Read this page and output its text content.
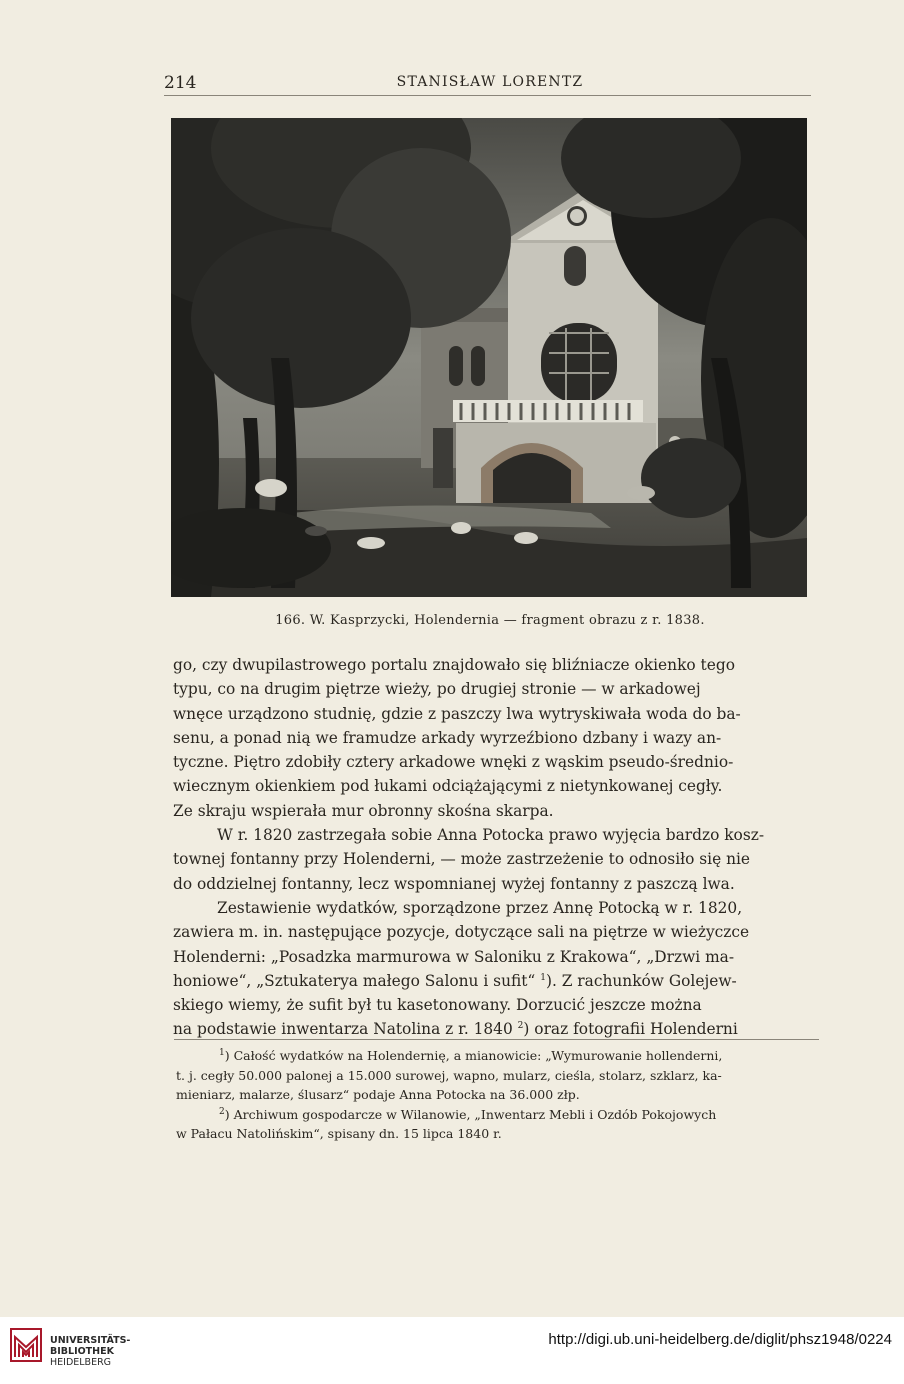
214	STANISŁAW LORENTZ
166. W. Kasprzycki, Holendernia — fragment obrazu z r. 1838.

go, czy dwupilastrowego portalu znajdowało się bliźniacze okienko tego
typu, co na drugim piętrze wieży, po drugiej stronie — w arkadowej
wnęce urządzono studnię, gdzie z paszczy lwa wytryskiwała woda do ba-
senu, a ponad nią we framudze arkady wyrzeźbiono dzbany i wazy an-
tyczne. Piętro zdobiły cztery arkadowe wnęki z wąskim pseudo-średnio-
wiecznym okienkiem pod łukami odciążającymi z nietynkowanej cegły.
Ze skraju wspierała mur obronny skośna skarpa.

W r. 1820 zastrzegała sobie Anna Potocka prawo wyjęcia bardzo kosz-
townej fontanny przy Holenderni, — może zastrzeżenie to odnosiło się nie
do oddzielnej fontanny, lecz wspomnianej wyżej fontanny z paszczą lwa.

Zestawienie wydatków, sporządzone przez Annę Potocką w r. 1820,
zawiera m. in. następujące pozycje, dotyczące sali na piętrze w wieżyczce
Holenderni: „Posadzka marmurowa w Saloniku z Krakowa“, „Drzwi ma-
honiowe“, „Sztukaterya małego Salonu i sufit“ $^1$). Z rachunków Golejew-
skiego wiemy, że sufit był tu kasetonowany. Dorzucić jeszcze można
na podstawie inwentarza Natolina z r. 1840 $^2$) oraz fotografii Holenderni

$^1$) Całość wydatków na Holendernię, a mianowicie: „Wymurowanie hollenderni,
t. j. cegły 50.000 palonej a 15.000 surowej, wapno, mularz, cieśla, stolarz, szklarz, ka-
mieniarz, malarze, ślusarz“ podaje Anna Potocka na 36.000 złp.

$^2$) Archiwum gospodarcze w Wilanowie, „Inwentarz Mebli i Ozdób Pokojowych
w Pałacu Natolińskim“, spisany dn. 15 lipca 1840 r.

UNIVERSITÄTS-
BIBLIOTHEK
HEIDELBERG
http://digi.ub.uni-heidelberg.de/diglit/phsz1948/0224
